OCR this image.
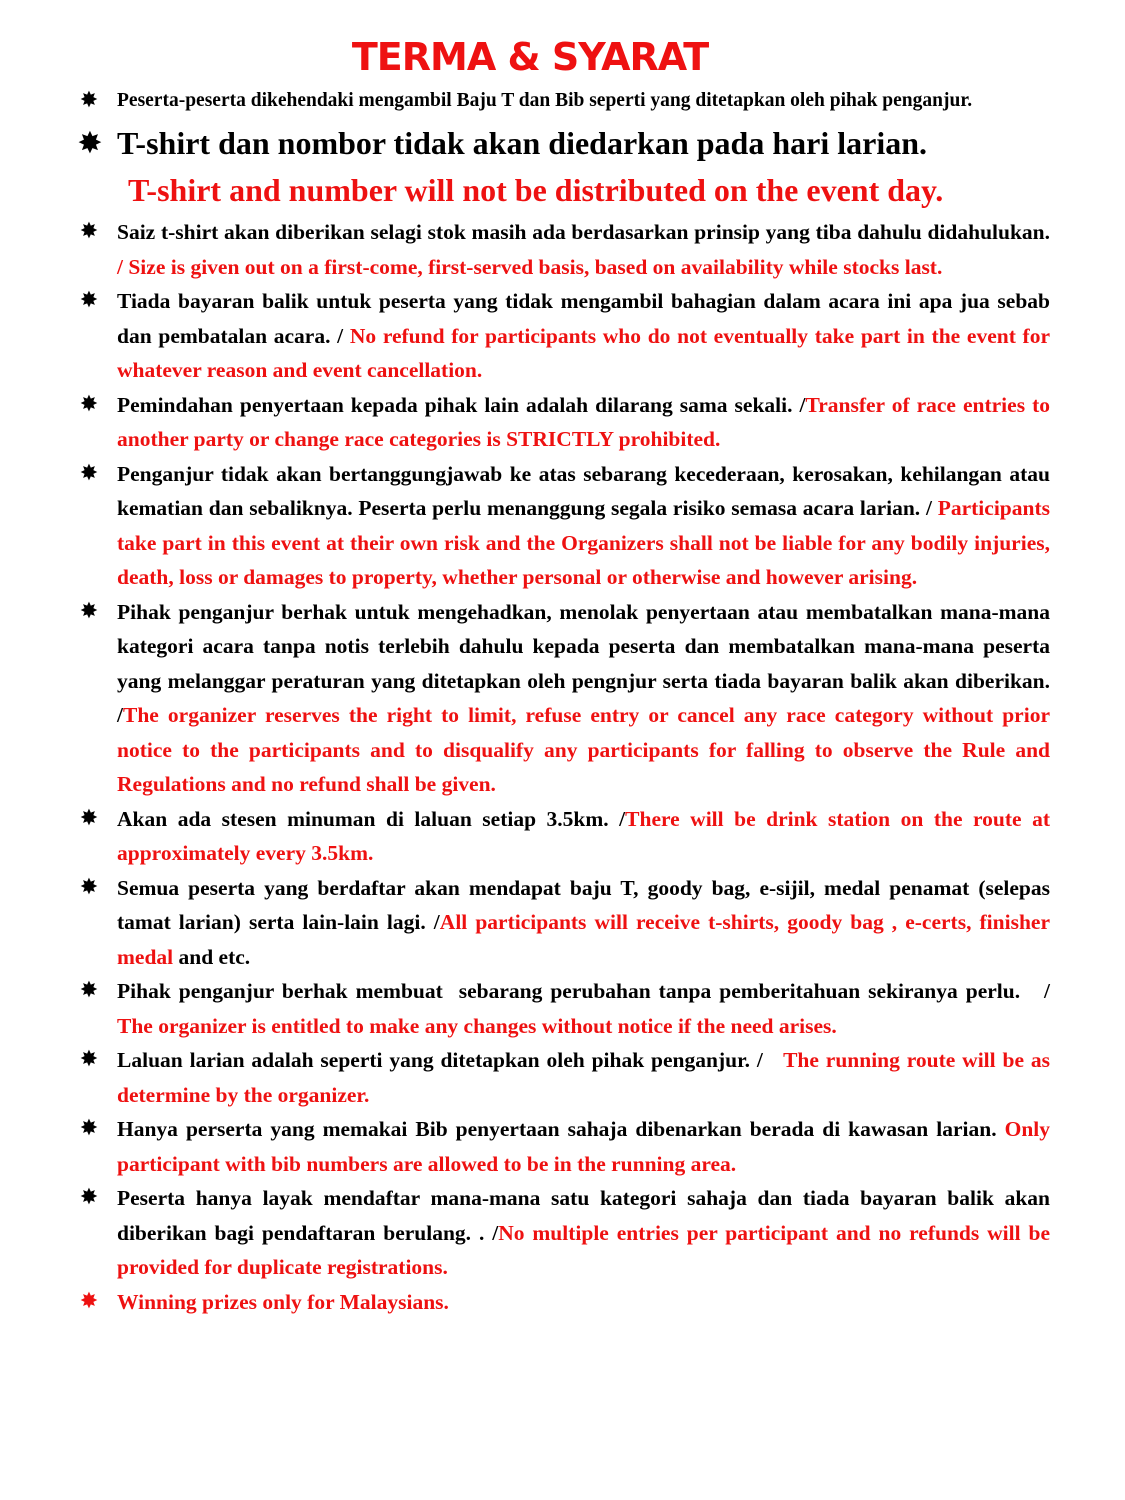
TERMA & SYARAT
✸ Peserta-peserta dikehendaki mengambil Baju T dan Bib seperti yang ditetapkan oleh pihak penganjur.
✸ T-shirt dan nombor tidak akan diedarkan pada hari larian.
T-shirt and number will not be distributed on the event day.
✸ Saiz t-shirt akan diberikan selagi stok masih ada berdasarkan prinsip yang tiba dahulu didahulukan. / Size is given out on a first-come, first-served basis, based on availability while stocks last.
✸ Tiada bayaran balik untuk peserta yang tidak mengambil bahagian dalam acara ini apa jua sebab dan pembatalan acara. / No refund for participants who do not eventually take part in the event for whatever reason and event cancellation.
✸ Pemindahan penyertaan kepada pihak lain adalah dilarang sama sekali. /Transfer of race entries to another party or change race categories is STRICTLY prohibited.
✸ Penganjur tidak akan bertanggungjawab ke atas sebarang kecederaan, kerosakan, kehilangan atau kematian dan sebaliknya. Peserta perlu menanggung segala risiko semasa acara larian. / Participants take part in this event at their own risk and the Organizers shall not be liable for any bodily injuries, death, loss or damages to property, whether personal or otherwise and however arising.
✸ Pihak penganjur berhak untuk mengehadkan, menolak penyertaan atau membatalkan mana-mana kategori acara tanpa notis terlebih dahulu kepada peserta dan membatalkan mana-mana peserta yang melanggar peraturan yang ditetapkan oleh pengnjur serta tiada bayaran balik akan diberikan. /The organizer reserves the right to limit, refuse entry or cancel any race category without prior notice to the participants and to disqualify any participants for falling to observe the Rule and Regulations and no refund shall be given.
✸ Akan ada stesen minuman di laluan setiap 3.5km. /There will be drink station on the route at approximately every 3.5km.
✸ Semua peserta yang berdaftar akan mendapat baju T, goody bag, e-sijil, medal penamat (selepas tamat larian) serta lain-lain lagi. /All participants will receive t-shirts, goody bag , e-certs, finisher medal and etc.
✸ Pihak penganjur berhak membuat  sebarang perubahan tanpa pemberitahuan sekiranya perlu.   /   The organizer is entitled to make any changes without notice if the need arises.
✸ Laluan larian adalah seperti yang ditetapkan oleh pihak penganjur. /   The running route will be as determine by the organizer.
✸ Hanya perserta yang memakai Bib penyertaan sahaja dibenarkan berada di kawasan larian. Only participant with bib numbers are allowed to be in the running area.
✸ Peserta hanya layak mendaftar mana-mana satu kategori sahaja dan tiada bayaran balik akan diberikan bagi pendaftaran berulang. . /No multiple entries per participant and no refunds will be provided for duplicate registrations.
✸ Winning prizes only for Malaysians.
